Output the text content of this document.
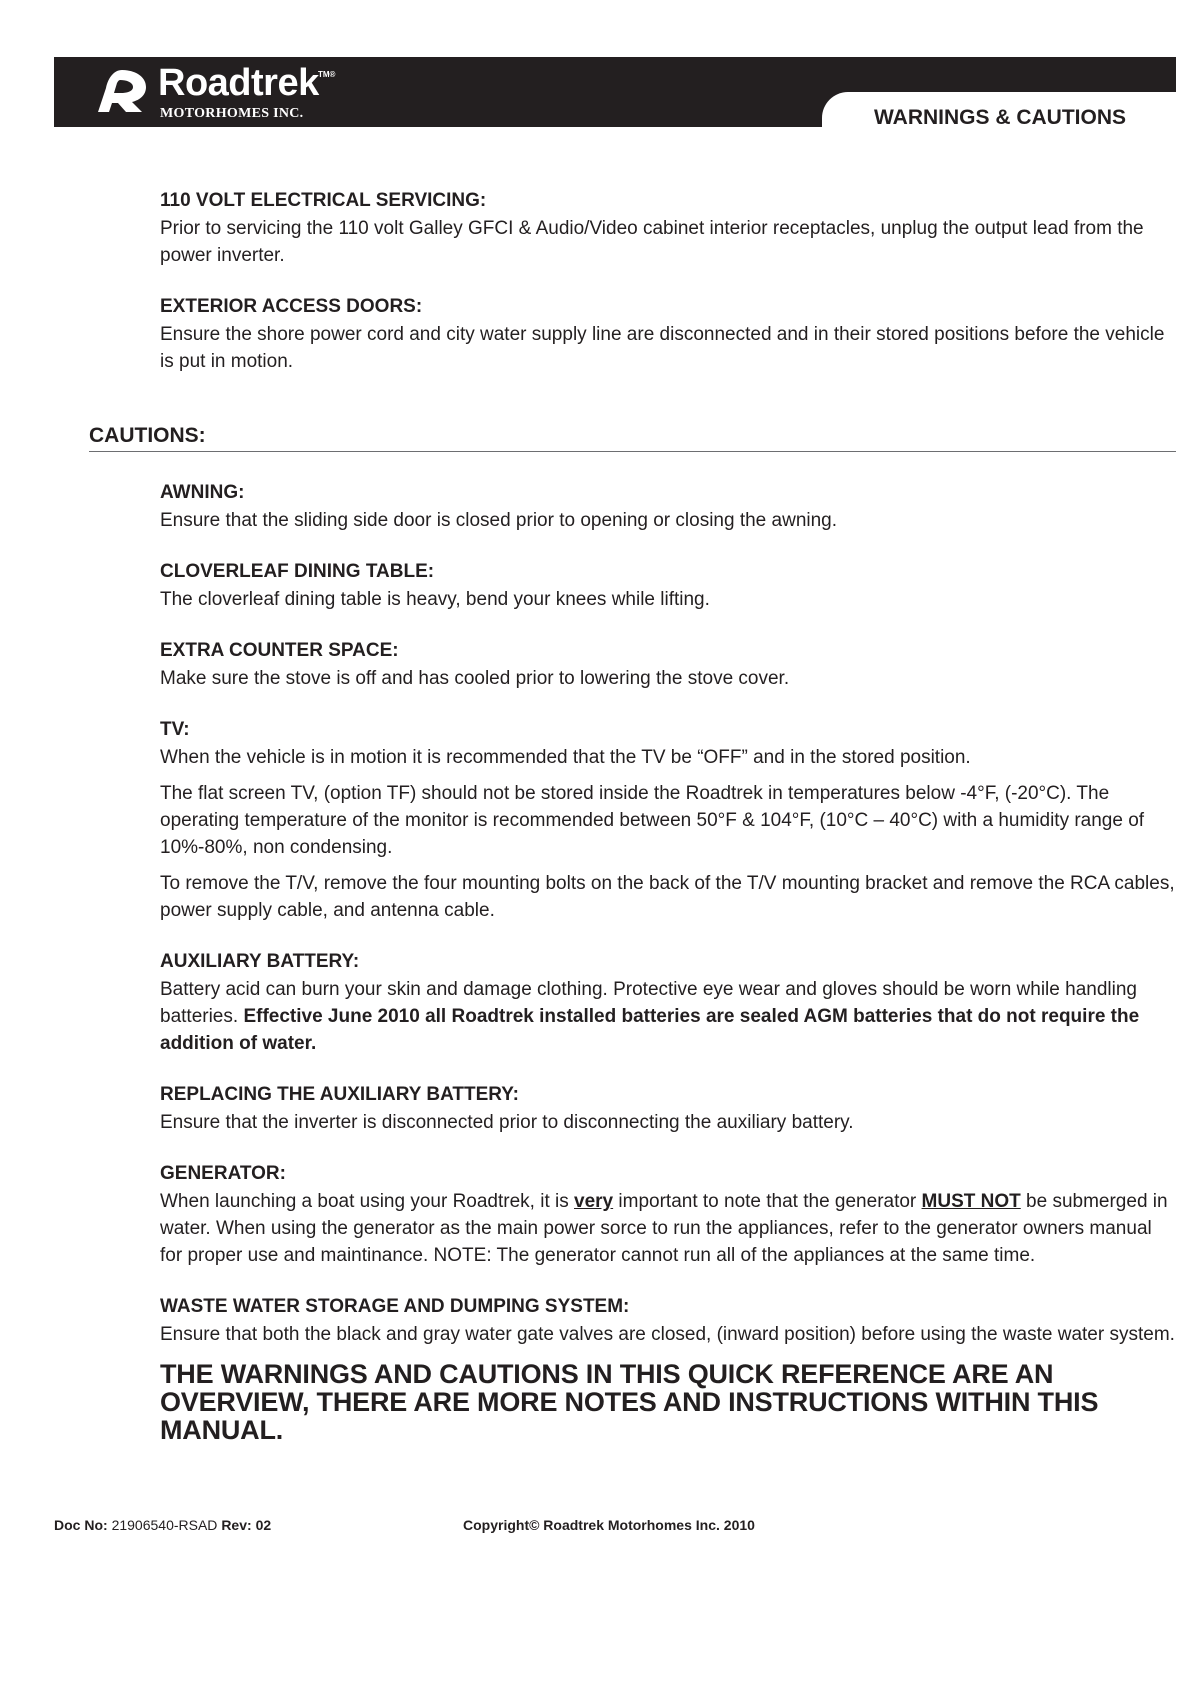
Roadtrek TM®
MOTORHOMES INC.	WARNINGS & CAUTIONS

110 VOLT ELECTRICAL SERVICING:

Prior to servicing the 110 volt Galley GFCI & Audio/Video cabinet interior receptacles, unplug the output lead from the power inverter.

EXTERIOR ACCESS DOORS:

Ensure the shore power cord and city water supply line are disconnected and in their stored positions before the vehicle is put in motion.

CAUTIONS:

AWNING:

Ensure that the sliding side door is closed prior to opening or closing the awning.

CLOVERLEAF DINING TABLE:

The cloverleaf dining table is heavy, bend your knees while lifting.

EXTRA COUNTER SPACE:

Make sure the stove is off and has cooled prior to lowering the stove cover.

TV:

When the vehicle is in motion it is recommended that the TV be “OFF” and in the stored position.

The flat screen TV, (option TF) should not be stored inside the Roadtrek in temperatures below -4°F, (-20°C). The operating temperature of the monitor is recommended between 50°F & 104°F, (10°C – 40°C) with a humidity range of 10%-80%, non condensing.

To remove the T/V, remove the four mounting bolts on the back of the T/V mounting bracket and remove the RCA cables, power supply cable, and antenna cable.

AUXILIARY BATTERY:

Battery acid can burn your skin and damage clothing. Protective eye wear and gloves should be worn while handling batteries. Effective June 2010 all Roadtrek installed batteries are sealed AGM batteries that do not require the addition of water.

REPLACING THE AUXILIARY BATTERY:

Ensure that the inverter is disconnected prior to disconnecting the auxiliary battery.

GENERATOR:

When launching a boat using your Roadtrek, it is very important to note that the generator MUST NOT be submerged in water. When using the generator as the main power sorce to run the appliances, refer to the generator owners manual for proper use and maintinance. NOTE: The generator cannot run all of the appliances at the same time.

WASTE WATER STORAGE AND DUMPING SYSTEM:

Ensure that both the black and gray water gate valves are closed, (inward position) before using the waste water system.

THE WARNINGS AND CAUTIONS IN THIS QUICK REFERENCE ARE AN OVERVIEW, THERE ARE MORE NOTES AND INSTRUCTIONS WITHIN THIS MANUAL.

Doc No: 21906540-RSAD Rev: 02	Copyright© Roadtrek Motorhomes Inc. 2010
